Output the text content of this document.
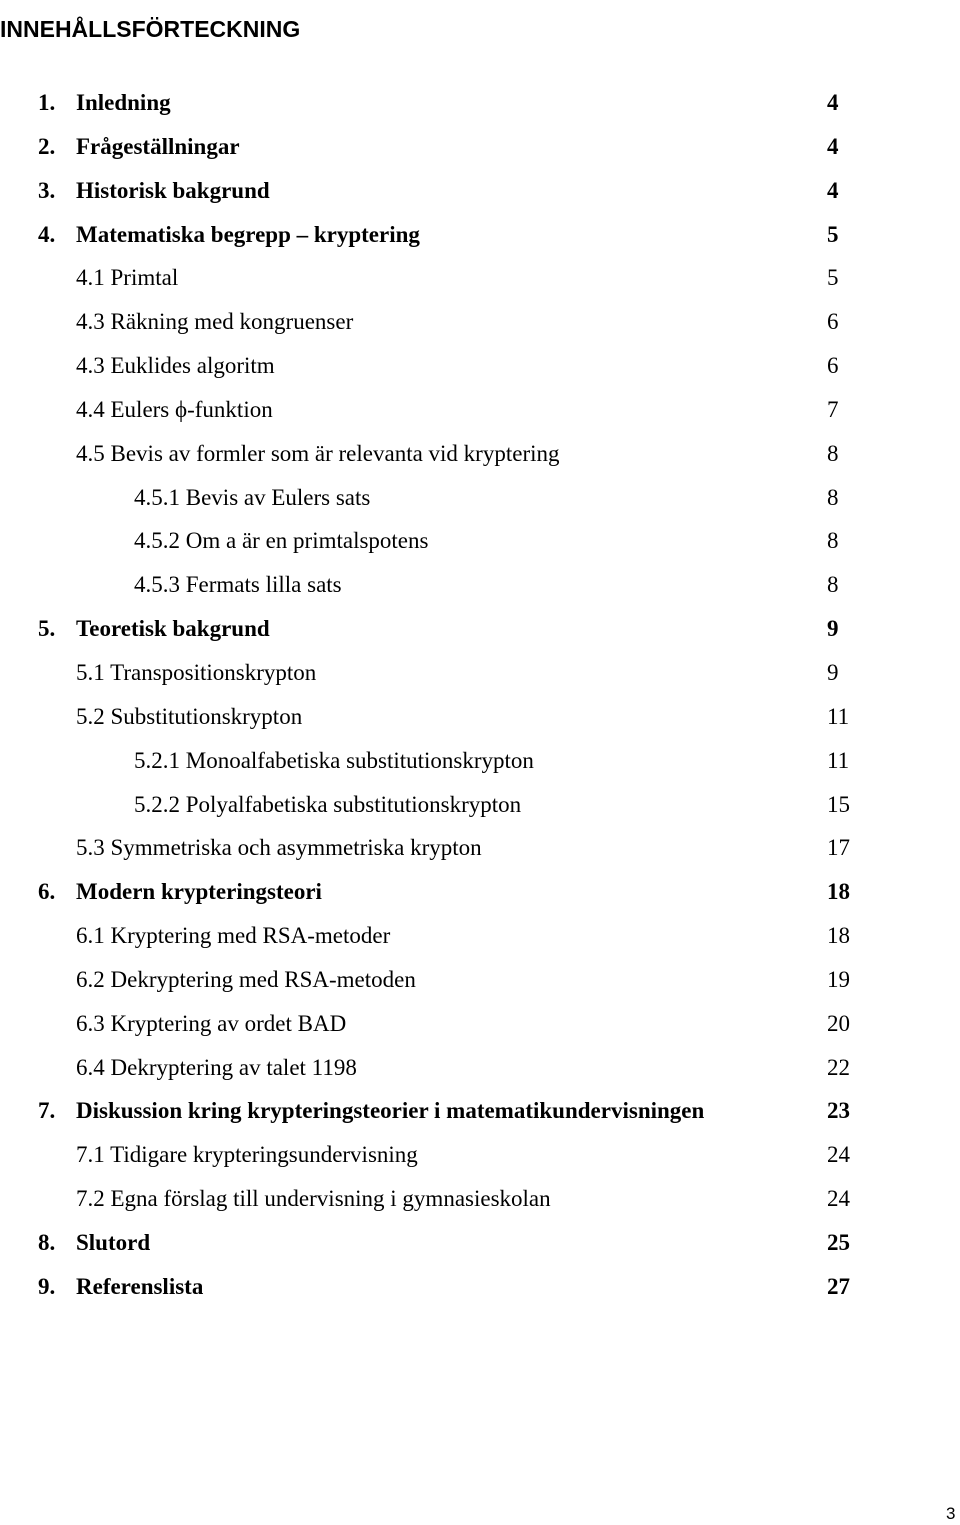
INNEHÅLLSFÖRTECKNING
1. Inledning	4
2. Frågeställningar	4
3. Historisk bakgrund	4
4. Matematiska begrepp – kryptering	5
4.1 Primtal	5
4.3 Räkning med kongruenser	6
4.3 Euklides algoritm	6
4.4 Eulers ϕ-funktion	7
4.5 Bevis av formler som är relevanta vid kryptering	8
4.5.1 Bevis av Eulers sats	8
4.5.2 Om a är en primtalspotens	8
4.5.3 Fermats lilla sats	8
5. Teoretisk bakgrund	9
5.1 Transpositionskrypton	9
5.2 Substitutionskrypton	11
5.2.1 Monoalfabetiska substitutionskrypton	11
5.2.2 Polyalfabetiska substitutionskrypton	15
5.3 Symmetriska och asymmetriska krypton	17
6. Modern krypteringsteori	18
6.1 Kryptering med RSA-metoder	18
6.2 Dekryptering med RSA-metoden	19
6.3 Kryptering av ordet BAD	20
6.4 Dekryptering av talet 1198	22
7. Diskussion kring krypteringsteorier i matematikundervisningen	23
7.1 Tidigare krypteringsundervisning	24
7.2 Egna förslag till undervisning i gymnasieskolan	24
8. Slutord	25
9. Referenslista	27
3
